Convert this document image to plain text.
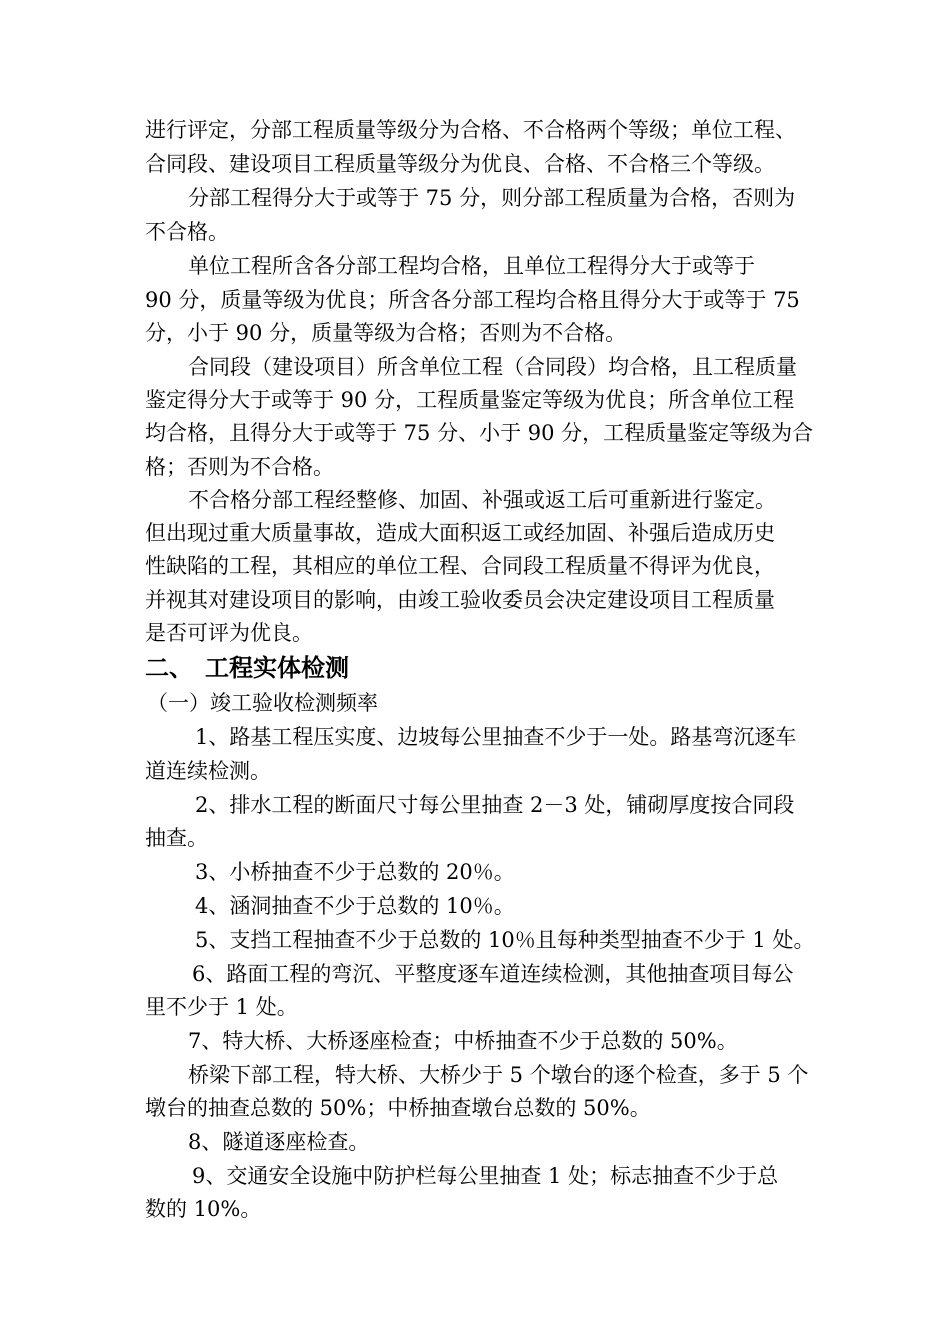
进行评定，分部工程质量等级分为合格、不合格两个等级；单位工程、
合同段、建设项目工程质量等级分为优良、合格、不合格三个等级。
分部工程得分大于或等于 75 分，则分部工程质量为合格，否则为
不合格。
单位工程所含各分部工程均合格，且单位工程得分大于或等于
90 分，质量等级为优良；所含各分部工程均合格且得分大于或等于 75
分，小于 90 分，质量等级为合格；否则为不合格。
合同段（建设项目）所含单位工程（合同段）均合格，且工程质量
鉴定得分大于或等于 90 分，工程质量鉴定等级为优良；所含单位工程
均合格，且得分大于或等于 75 分、小于 90 分，工程质量鉴定等级为合
格；否则为不合格。
不合格分部工程经整修、加固、补强或返工后可重新进行鉴定。
但出现过重大质量事故，造成大面积返工或经加固、补强后造成历史
性缺陷的工程，其相应的单位工程、合同段工程质量不得评为优良，
并视其对建设项目的影响，由竣工验收委员会决定建设项目工程质量
是否可评为优良。
二、　工程实体检测
（一）竣工验收检测频率
1、路基工程压实度、边坡每公里抽查不少于一处。路基弯沉逐车
道连续检测。
2、排水工程的断面尺寸每公里抽查 2－3 处，铺砌厚度按合同段
抽查。
3、小桥抽查不少于总数的 20％。
4、涵洞抽查不少于总数的 10％。
5、支挡工程抽查不少于总数的 10％且每种类型抽查不少于 1 处。
6、路面工程的弯沉、平整度逐车道连续检测，其他抽查项目每公
里不少于 1 处。
7、特大桥、大桥逐座检查；中桥抽查不少于总数的 50%。
桥梁下部工程，特大桥、大桥少于 5 个墩台的逐个检查，多于 5 个
墩台的抽查总数的 50%；中桥抽查墩台总数的 50%。
8、隧道逐座检查。
9、交通安全设施中防护栏每公里抽查 1 处；标志抽查不少于总
数的 10%。
